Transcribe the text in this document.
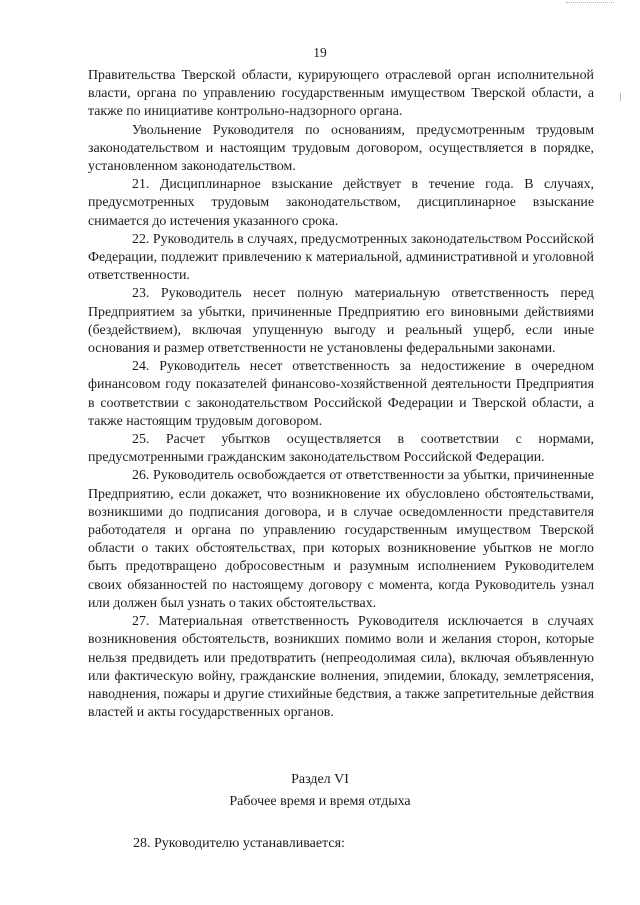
19

Правительства Тверской области, курирующего отраслевой орган исполнительной власти, органа по управлению государственным имуществом Тверской области, а также по инициативе контрольно-надзорного органа.

Увольнение Руководителя по основаниям, предусмотренным трудовым законодательством и настоящим трудовым договором, осуществляется в порядке, установленном законодательством.

21. Дисциплинарное взыскание действует в течение года. В случаях, предусмотренных трудовым законодательством, дисциплинарное взыскание снимается до истечения указанного срока.

22. Руководитель в случаях, предусмотренных законодательством Российской Федерации, подлежит привлечению к материальной, административной и уголовной ответственности.

23. Руководитель несет полную материальную ответственность перед Предприятием за убытки, причиненные Предприятию его виновными действиями (бездействием), включая упущенную выгоду и реальный ущерб, если иные основания и размер ответственности не установлены федеральными законами.

24. Руководитель несет ответственность за недостижение в очередном финансовом году показателей финансово-хозяйственной деятельности Предприятия в соответствии с законодательством Российской Федерации и Тверской области, а также настоящим трудовым договором.

25. Расчет убытков осуществляется в соответствии с нормами, предусмотренными гражданским законодательством Российской Федерации.

26. Руководитель освобождается от ответственности за убытки, причиненные Предприятию, если докажет, что возникновение их обусловлено обстоятельствами, возникшими до подписания договора, и в случае осведомленности представителя работодателя и органа по управлению государственным имуществом Тверской области о таких обстоятельствах, при которых возникновение убытков не могло быть предотвращено добросовестным и разумным исполнением Руководителем своих обязанностей по настоящему договору с момента, когда Руководитель узнал или должен был узнать о таких обстоятельствах.

27. Материальная ответственность Руководителя исключается в случаях возникновения обстоятельств, возникших помимо воли и желания сторон, которые нельзя предвидеть или предотвратить (непреодолимая сила), включая объявленную или фактическую войну, гражданские волнения, эпидемии, блокаду, землетрясения, наводнения, пожары и другие стихийные бедствия, а также запретительные действия властей и акты государственных органов.

Раздел VI
Рабочее время и время отдыха
28. Руководителю устанавливается:
